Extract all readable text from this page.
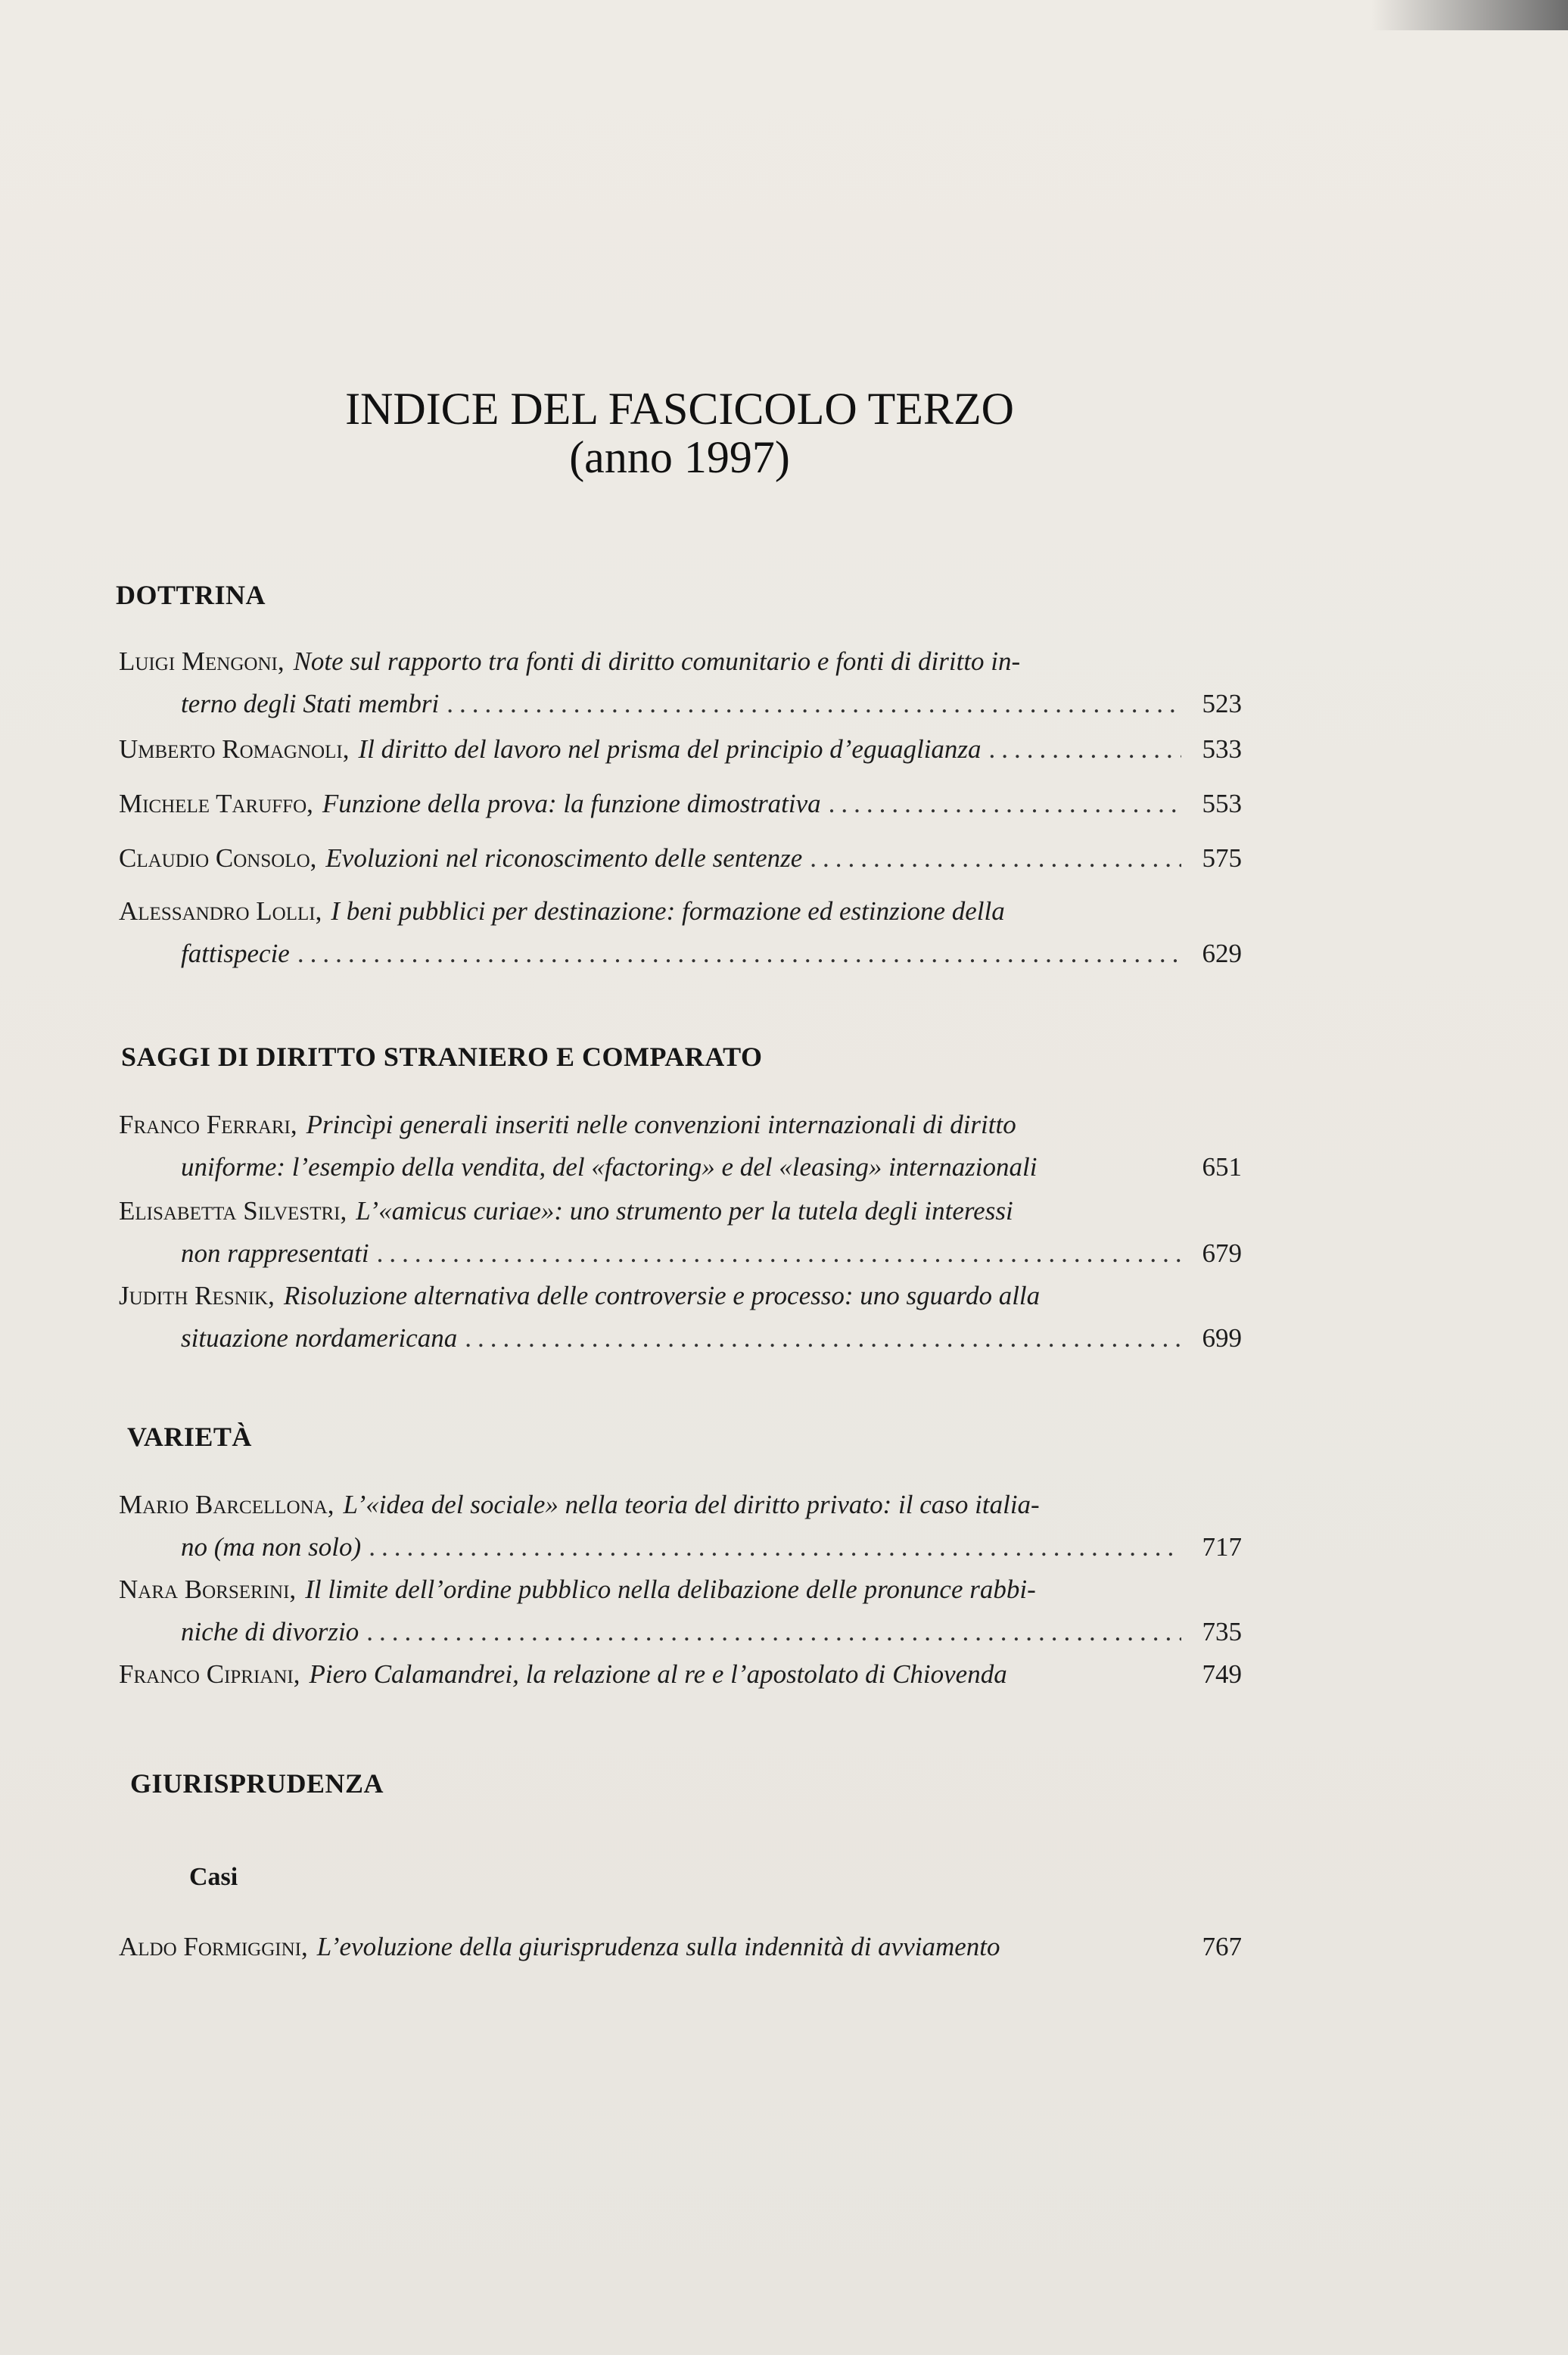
INDICE DEL FASCICOLO TERZO
(anno 1997)
DOTTRINA
Luigi Mengoni, Note sul rapporto tra fonti di diritto comunitario e fonti di diritto in-
terno degli Stati membri .....	523
Umberto Romagnoli, Il diritto del lavoro nel prisma del principio d’eguaglianza .....	533
Michele Taruffo, Funzione della prova: la funzione dimostrativa .....	553
Claudio Consolo, Evoluzioni nel riconoscimento delle sentenze .....	575
Alessandro Lolli, I beni pubblici per destinazione: formazione ed estinzione della
fattispecie .....	629
SAGGI DI DIRITTO STRANIERO E COMPARATO
Franco Ferrari, Princìpi generali inseriti nelle convenzioni internazionali di diritto
uniforme: l’esempio della vendita, del «factoring» e del «leasing» internazionali	651
Elisabetta Silvestri, L’«amicus curiae»: uno strumento per la tutela degli interessi
non rappresentati .....	679
Judith Resnik, Risoluzione alternativa delle controversie e processo: uno sguardo alla
situazione nordamericana .....	699
VARIETÀ
Mario Barcellona, L’«idea del sociale» nella teoria del diritto privato: il caso italia-
no (ma non solo) .....	717
Nara Borserini, Il limite dell’ordine pubblico nella delibazione delle pronunce rabbi-
niche di divorzio .....	735
Franco Cipriani, Piero Calamandrei, la relazione al re e l’apostolato di Chiovenda	749
GIURISPRUDENZA
Casi
Aldo Formiggini, L’evoluzione della giurisprudenza sulla indennità di avviamento	767
